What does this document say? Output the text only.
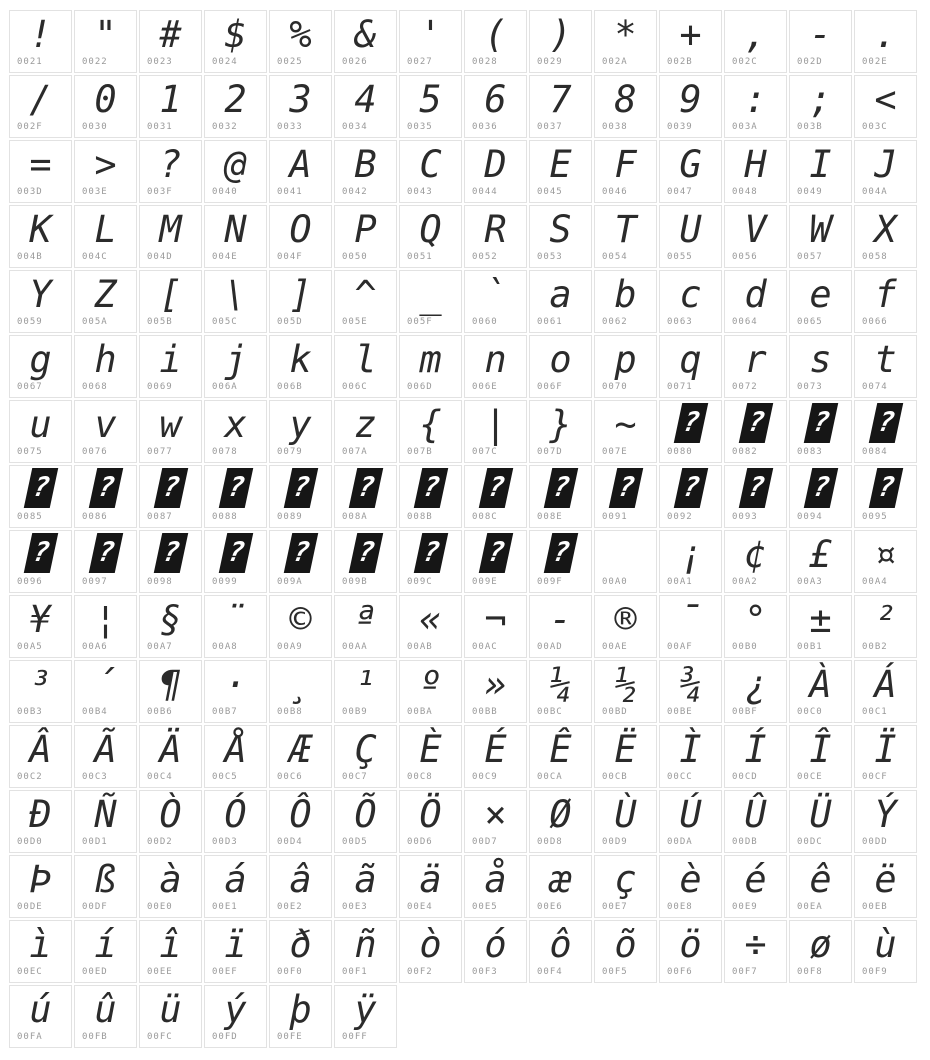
!
0021
"
0022
#
0023
$
0024
%
0025
&
0026
'
0027
(
0028
)
0029
*
002A
+
002B
,
002C
-
002D
.
002E
/
002F
0
0030
1
0031
2
0032
3
0033
4
0034
5
0035
6
0036
7
0037
8
0038
9
0039
:
003A
;
003B
<
003C
=
003D
>
003E
?
003F
@
0040
A
0041
B
0042
C
0043
D
0044
E
0045
F
0046
G
0047
H
0048
I
0049
J
004A
K
004B
L
004C
M
004D
N
004E
O
004F
P
0050
Q
0051
R
0052
S
0053
T
0054
U
0055
V
0056
W
0057
X
0058
Y
0059
Z
005A
[
005B
\
005C
]
005D
^
005E
_
005F
`
0060
a
0061
b
0062
c
0063
d
0064
e
0065
f
0066
g
0067
h
0068
i
0069
j
006A
k
006B
l
006C
m
006D
n
006E
o
006F
p
0070
q
0071
r
0072
s
0073
t
0074
u
0075
v
0076
w
0077
x
0078
y
0079
z
007A
{
007B
|
007C
}
007D
~
007E
?
0080
?
0082
?
0083
?
0084
?
0085
?
0086
?
0087
?
0088
?
0089
?
008A
?
008B
?
008C
?
008E
?
0091
?
0092
?
0093
?
0094
?
0095
?
0096
?
0097
?
0098
?
0099
?
009A
?
009B
?
009C
?
009E
?
009F	00A0
¡
00A1
¢
00A2
£
00A3
¤
00A4
¥
00A5
¦
00A6
§
00A7
¨
00A8
©
00A9
ª
00AA
«
00AB
¬
00AC
-
00AD
®
00AE
¯
00AF
°
00B0
±
00B1
²
00B2
³
00B3
´
00B4
¶
00B6
·
00B7
¸
00B8
¹
00B9
º
00BA
»
00BB
¼
00BC
½
00BD
¾
00BE
¿
00BF
À
00C0
Á
00C1
Â
00C2
Ã
00C3
Ä
00C4
Å
00C5
Æ
00C6
Ç
00C7
È
00C8
É
00C9
Ê
00CA
Ë
00CB
Ì
00CC
Í
00CD
Î
00CE
Ï
00CF
Ð
00D0
Ñ
00D1
Ò
00D2
Ó
00D3
Ô
00D4
Õ
00D5
Ö
00D6
×
00D7
Ø
00D8
Ù
00D9
Ú
00DA
Û
00DB
Ü
00DC
Ý
00DD
Þ
00DE
ß
00DF
à
00E0
á
00E1
â
00E2
ã
00E3
ä
00E4
å
00E5
æ
00E6
ç
00E7
è
00E8
é
00E9
ê
00EA
ë
00EB
ì
00EC
í
00ED
î
00EE
ï
00EF
ð
00F0
ñ
00F1
ò
00F2
ó
00F3
ô
00F4
õ
00F5
ö
00F6
÷
00F7
ø
00F8
ù
00F9
ú
00FA
û
00FB
ü
00FC
ý
00FD
þ
00FE
ÿ
00FF
